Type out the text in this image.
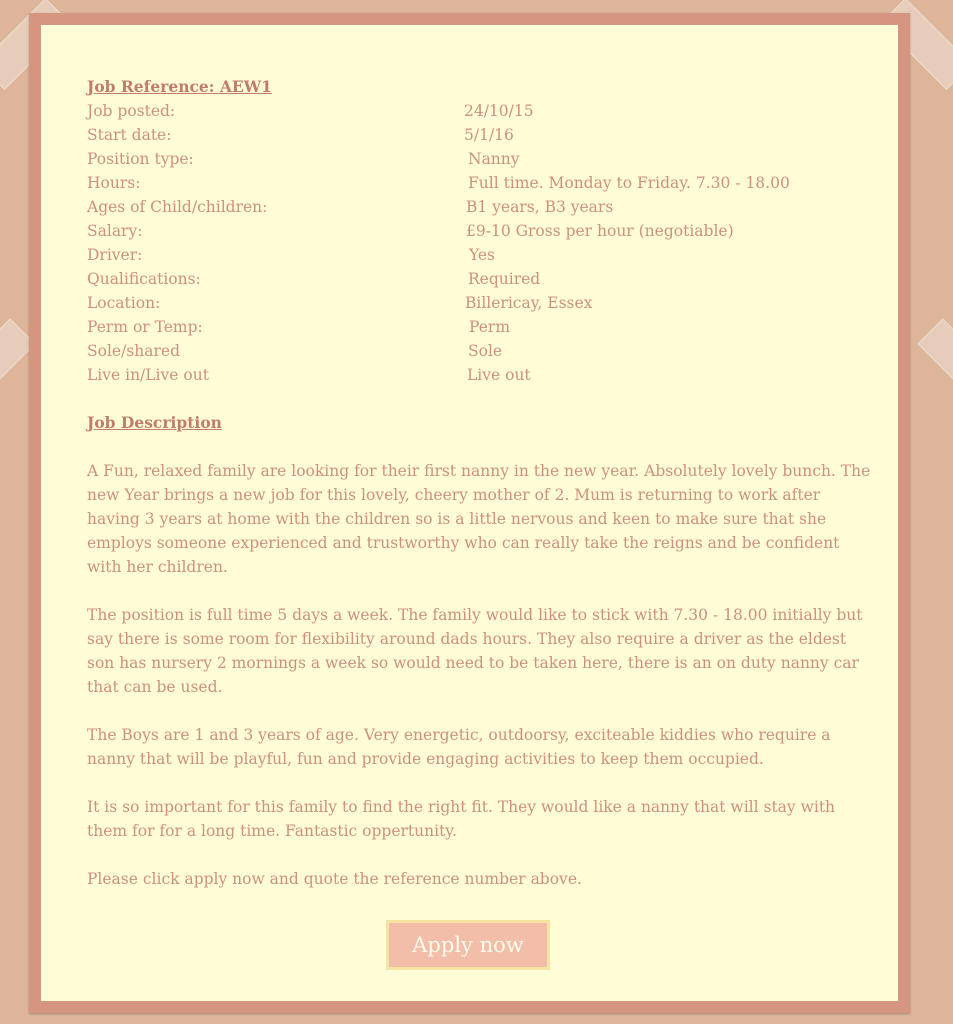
Job Reference: AEW1

Job posted:	24/10/15
Start date:	5/1/16
Position type:	Nanny
Hours:	Full time. Monday to Friday. 7.30 - 18.00
Ages of Child/children:	B1 years, B3 years
Salary:	£9-10 Gross per hour (negotiable)
Driver:	Yes
Qualifications:	Required
Location:	Billericay, Essex
Perm or Temp:	Perm
Sole/shared	Sole
Live in/Live out	Live out

Job Description

A Fun, relaxed family are looking for their first nanny in the new year. Absolutely lovely bunch. The new Year brings a new job for this lovely, cheery mother of 2. Mum is returning to work after having 3 years at home with the children so is a little nervous and keen to make sure that she employs someone experienced and trustworthy who can really take the reigns and be confident with her children.

The position is full time 5 days a week. The family would like to stick with 7.30 - 18.00 initially but say there is some room for flexibility around dads hours. They also require a driver as the eldest son has nursery 2 mornings a week so would need to be taken here, there is an on duty nanny car that can be used.

The Boys are 1 and 3 years of age. Very energetic, outdoorsy, exciteable kiddies who require a nanny that will be playful, fun and provide engaging activities to keep them occupied.

It is so important for this family to find the right fit. They would like a nanny that will stay with them for for a long time. Fantastic oppertunity.

Please click apply now and quote the reference number above.

Apply now
